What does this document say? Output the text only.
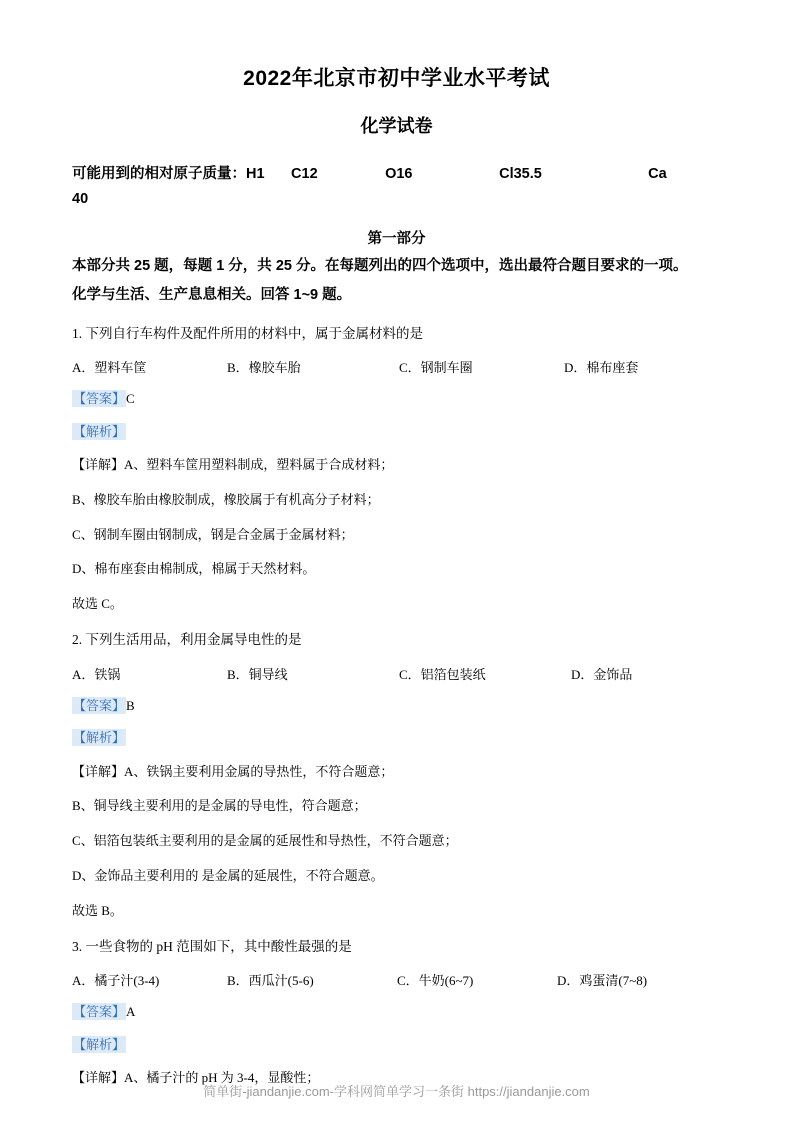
2022年北京市初中学业水平考试
化学试卷
可能用到的相对原子质量：H1 C12	O16	Cl35.5	Ca
40
第一部分
本部分共 25 题，每题 1 分，共 25 分。在每题列出的四个选项中，选出最符合题目要求的一项。
化学与生活、生产息息相关。回答 1~9 题。
1. 下列自行车构件及配件所用的材料中，属于金属材料的是
A．塑料车筐	B．橡胶车胎	C．钢制车圈	D．棉布座套
【答案】C
【解析】
【详解】A、塑料车筐用塑料制成，塑料属于合成材料；
B、橡胶车胎由橡胶制成，橡胶属于有机高分子材料；
C、钢制车圈由钢制成，钢是合金属于金属材料；
D、棉布座套由棉制成，棉属于天然材料。
故选 C。
2. 下列生活用品，利用金属导电性的是
A．铁锅	B．铜导线	C．铝箔包装纸	D．金饰品
【答案】B
【解析】
【详解】A、铁锅主要利用金属的导热性，不符合题意；
B、铜导线主要利用的是金属的导电性，符合题意；
C、铝箔包装纸主要利用的是金属的延展性和导热性，不符合题意；
D、金饰品主要利用的 是金属的延展性，不符合题意。
故选 B。
3. 一些食物的 pH 范围如下，其中酸性最强的是
A．橘子汁(3-4)	B．西瓜汁(5-6)	C．牛奶(6~7)	D．鸡蛋清(7~8)
【答案】A
【解析】
【详解】A、橘子汁的 pH 为 3-4，显酸性；
简单街-jiandanjie.com-学科网简单学习一条街 https://jiandanjie.com
